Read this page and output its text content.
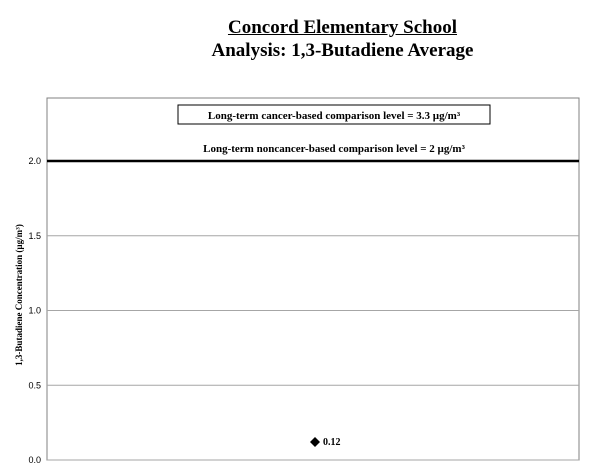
Concord Elementary School
Analysis: 1,3-Butadiene Average
0.0
0.5
1.0
1.5
2.0
Long-term noncancer-based comparison level = 2 µg/m³
Long-term cancer-based comparison level = 3.3 µg/m³
1,3-Butadiene Concentration (µg/m³)
0.12
